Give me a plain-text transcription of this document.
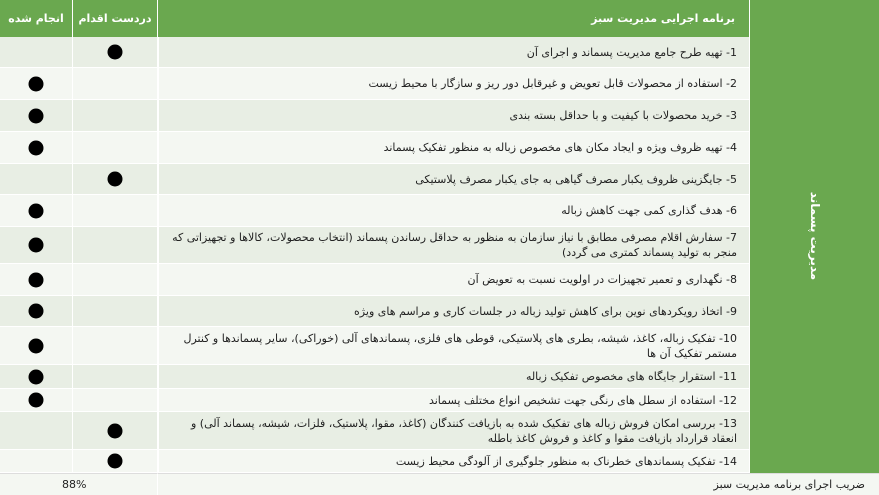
برنامه اجرایی مدیریت سبز
دردست اقدام
انجام شده
مدیریت پسماند
1- تهیه طرح جامع مدیریت پسماند و اجرای آن
2- استفاده از محصولات قابل تعویض و غیرقابل دور ریز و سازگار با محیط زیست
3- خرید محصولات با کیفیت و با حداقل بسته بندی
4- تهیه ظروف ویژه و ایجاد مکان های مخصوص زباله به منظور تفکیک پسماند
5- جایگزینی ظروف یکبار مصرف گیاهی به جای یکبار مصرف پلاستیکی
6- هدف گذاری کمی جهت کاهش زباله
7- سفارش اقلام مصرفی مطابق با نیاز سازمان به منظور به حداقل رساندن پسماند (انتخاب محصولات، کالاها و تجهیزاتی که منجر به تولید پسماند کمتری می گردد)
8- نگهداری و تعمیر تجهیزات در اولویت نسبت به تعویض آن
9- اتخاذ رویکردهای نوین برای کاهش تولید زباله در جلسات کاری و مراسم های ویژه
10- تفکیک زباله، کاغذ، شیشه، بطری های پلاستیکی، قوطی های فلزی، پسماندهای آلی (خوراکی)، سایر پسماندها و کنترل مستمر تفکیک آن ها
11- استقرار جایگاه های مخصوص تفکیک زباله
12- استفاده از سطل های رنگی جهت تشخیص انواع مختلف پسماند
13- بررسی امکان فروش زباله های تفکیک شده به بازیافت کنندگان (کاغذ، مقوا، پلاستیک، فلزات، شیشه، پسماند آلی) و انعقاد قرارداد بازیافت مقوا و کاغذ و فروش کاغذ باطله
14- تفکیک پسماندهای خطرناک به منظور جلوگیری از آلودگی محیط زیست
ضریب اجرای برنامه مدیریت سبز
88%
